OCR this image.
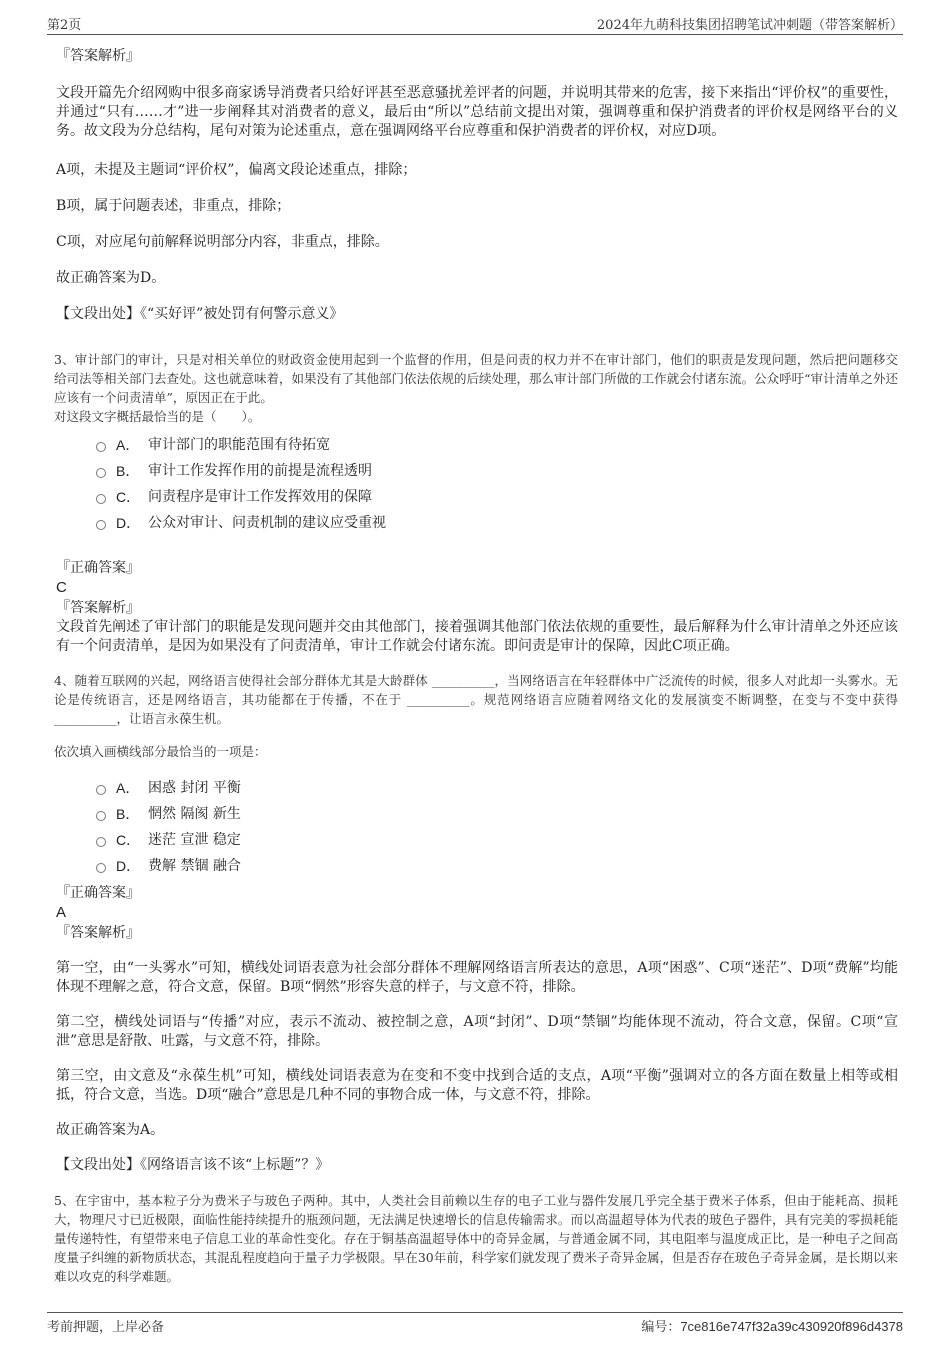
第2页	2024年九萌科技集团招聘笔试冲刺题（带答案解析）

『答案解析』

文段开篇先介绍网购中很多商家诱导消费者只给好评甚至恶意骚扰差评者的问题，并说明其带来的危害，接下来指出“评价权”的重要性，并通过“只有……才”进一步阐释其对消费者的意义，最后由“所以”总结前文提出对策，强调尊重和保护消费者的评价权是网络平台的义务。故文段为分总结构，尾句对策为论述重点，意在强调网络平台应尊重和保护消费者的评价权，对应D项。

A项，未提及主题词“评价权”，偏离文段论述重点，排除；

B项，属于问题表述，非重点，排除；

C项，对应尾句前解释说明部分内容，非重点，排除。

故正确答案为D。

【文段出处】《“买好评”被处罚有何警示意义》

3、审计部门的审计，只是对相关单位的财政资金使用起到一个监督的作用，但是问责的权力并不在审计部门，他们的职责是发现问题，然后把问题移交给司法等相关部门去查处。这也就意味着，如果没有了其他部门依法依规的后续处理，那么审计部门所做的工作就会付诸东流。公众呼吁“审计清单之外还应该有一个问责清单”，原因正在于此。

对这段文字概括最恰当的是（　　）。

A． 审计部门的职能范围有待拓宽
B． 审计工作发挥作用的前提是流程透明
C． 问责程序是审计工作发挥效用的保障
D． 公众对审计、问责机制的建议应受重视

『正确答案』

C

『答案解析』

文段首先阐述了审计部门的职能是发现问题并交由其他部门，接着强调其他部门依法依规的重要性，最后解释为什么审计清单之外还应该有一个问责清单，是因为如果没有了问责清单，审计工作就会付诸东流。即问责是审计的保障，因此C项正确。

4、随着互联网的兴起，网络语言使得社会部分群体尤其是大龄群体 __________，当网络语言在年轻群体中广泛流传的时候，很多人对此却一头雾水。无论是传统语言，还是网络语言，其功能都在于传播，不在于 __________。规范网络语言应随着网络文化的发展演变不断调整，在变与不变中获得 __________，让语言永葆生机。

依次填入画横线部分最恰当的一项是：

A． 困惑 封闭 平衡
B． 惘然 隔阂 新生
C． 迷茫 宣泄 稳定
D． 费解 禁锢 融合

『正确答案』

A

『答案解析』

第一空，由“一头雾水”可知，横线处词语表意为社会部分群体不理解网络语言所表达的意思，A项“困惑”、C项“迷茫”、D项“费解”均能体现不理解之意，符合文意，保留。B项“惘然”形容失意的样子，与文意不符，排除。

第二空，横线处词语与“传播”对应，表示不流动、被控制之意，A项“封闭”、D项“禁锢”均能体现不流动，符合文意，保留。C项“宣泄”意思是舒散、吐露，与文意不符，排除。

第三空，由文意及“永葆生机”可知，横线处词语表意为在变和不变中找到合适的支点，A项“平衡”强调对立的各方面在数量上相等或相抵，符合文意，当选。D项“融合”意思是几种不同的事物合成一体，与文意不符，排除。

故正确答案为A。

【文段出处】《网络语言该不该“上标题”？》

5、在宇宙中，基本粒子分为费米子与玻色子两种。其中，人类社会目前赖以生存的电子工业与器件发展几乎完全基于费米子体系，但由于能耗高、损耗大，物理尺寸已近极限，面临性能持续提升的瓶颈问题，无法满足快速增长的信息传输需求。而以高温超导体为代表的玻色子器件，具有完美的零损耗能量传递特性，有望带来电子信息工业的革命性变化。存在于铜基高温超导体中的奇异金属，与普通金属不同，其电阻率与温度成正比，是一种电子之间高度量子纠缠的新物质状态，其混乱程度趋向于量子力学极限。早在30年前，科学家们就发现了费米子奇异金属，但是否存在玻色子奇异金属，是长期以来难以攻克的科学难题。

考前押题，上岸必备	编号：7ce816e747f32a39c430920f896d4378
